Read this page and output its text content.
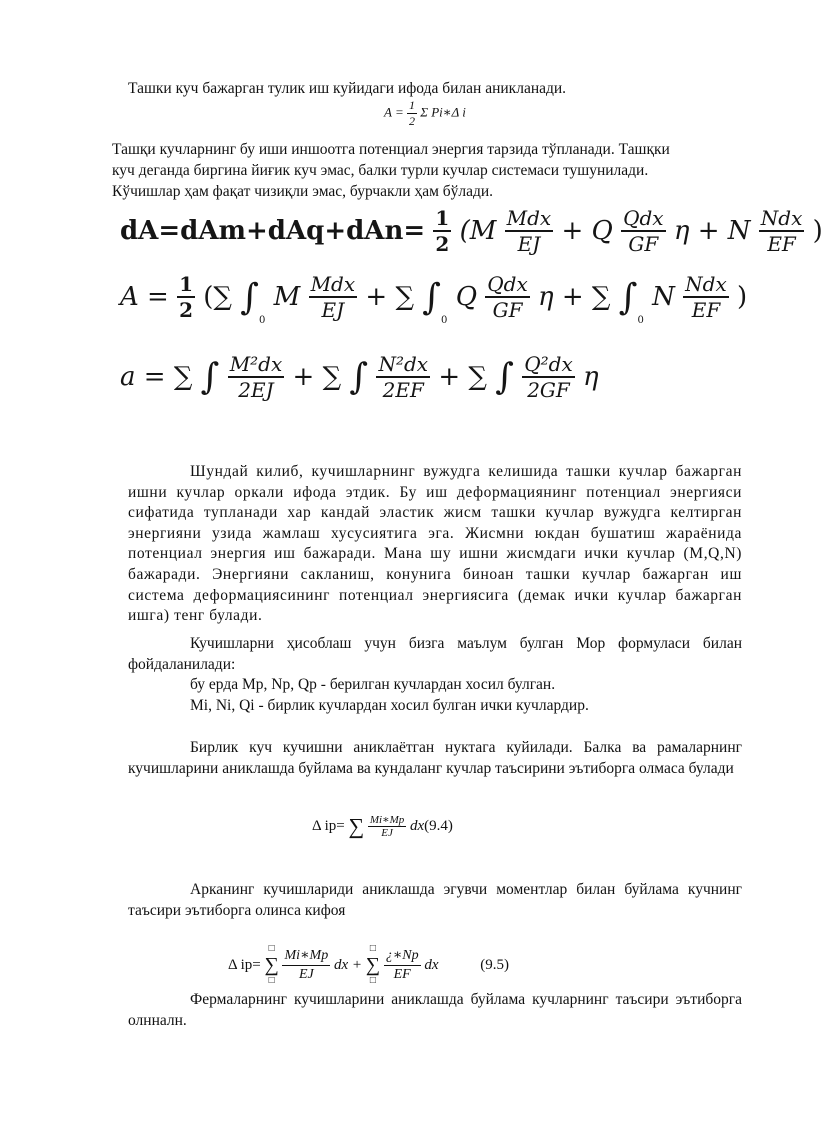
Ташки куч бажарган тулик иш куйидаги ифода билан аникланади.
$A = \frac{1}{2}$ Σ Pi∗Δ i
Ташқи кучларнинг бу иши иншоотга потенциал энергия тарзида тўпланади. Ташқки
куч деганда биргина йиғик куч эмас, балки турли кучлар системаси тушунилади.
Кўчишлар ҳам фақат чизиқли эмас, бурчакли ҳам бўлади.
$dA=dAm+dAq+dAn= \frac{1}{2} (M \frac{\text{Mdx}}{EJ} + Q \frac{\text{Qdx}}{GF}$ η + N $\frac{\text{Ndx}}{EF}$ )
$A = \frac{1}{2}$ (∑ $\int_0$ M $\frac{\text{Mdx}}{EJ}$ + ∑ $\int_0$ Q $\frac{\text{Qdx}}{GF}$ η + ∑ $\int_0$ N $\frac{\text{Ndx}}{EF}$ )
a = ∑ ∫ $\frac{\text{M²dx}}{2EJ}$ + ∑ ∫ $\frac{\text{N²dx}}{2EF}$ + ∑ ∫ $\frac{\text{Q²dx}}{2GF}$ η

Шундай килиб, кучишларнинг вужудга келишида ташки кучлар бажарган ишни кучлар оркали ифода этдик. Бу иш деформациянинг потенциал энергияси сифатида тупланади хар кандай эластик жисм ташки кучлар вужудга келтирган энергияни узида жамлаш хусусиятига эга. Жисмни юкдан бушатиш жараёнида потенциал энергия иш бажаради. Мана шу ишни жисмдаги ички кучлар (M,Q,N) бажаради. Энергияни сакланиш, конунига биноан ташки кучлар бажарган иш система деформациясининг потенциал энергиясига (демак ички кучлар бажарган ишга) тенг булади.

Кучишларни ҳисоблаш учун бизга маълум булган Мор формуласи билан фойдаланилади:

бу ерда Mp, Np, Qp - берилган кучлардан хосил булган.
Mi, Ni, Qi - бирлик кучлардан хосил булган ички кучлардир.

Бирлик куч кучишни аниклаётган нуктага куйилади. Балка ва рамаларнинг кучишларини аниклашда буйлама ва кундаланг кучлар таъсирини эътиборга олмаса булади

Δ ip= ∑ $\frac{Mi∗Mp}{EJ} dx(9.4)$

Арканинг кучишлариди аниклашда эгувчи моментлар билан буйлама кучнинг таъсири эътиборга олинса кифоя

Δ ip=
□
∑
□
$\frac{Mi∗Mp}{EJ}$ dx +
□
∑
□
$\frac{¿∗Np}{EF}$ dx	(9.5)

Фермаларнинг кучишларини аниклашда буйлама кучларнинг таъсири эътиборга олнналн.
